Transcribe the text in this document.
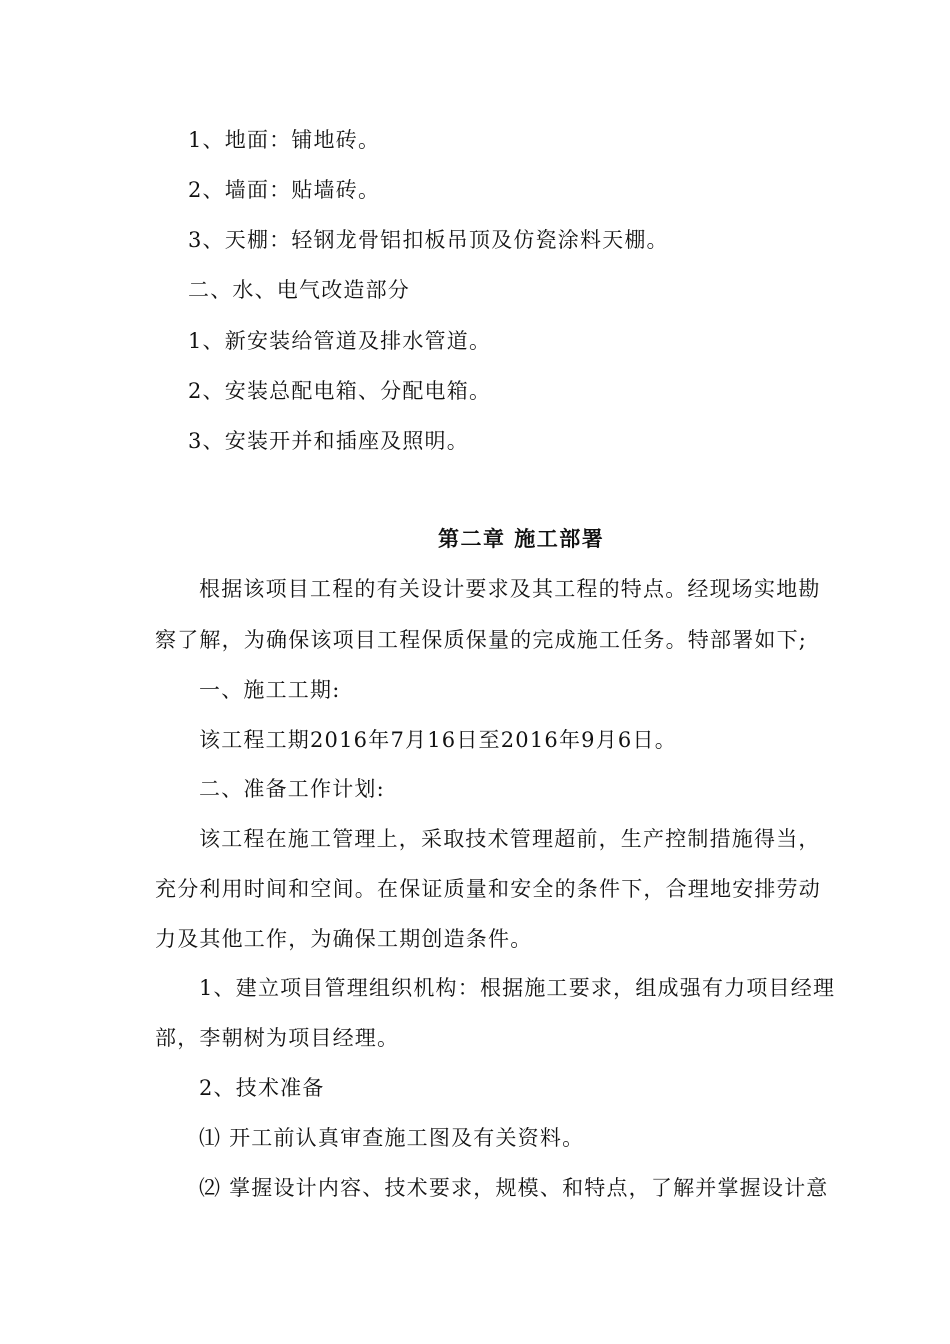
1、地面：铺地砖。
2、墙面：贴墙砖。
3、天棚：轻钢龙骨铝扣板吊顶及仿瓷涂料天棚。
二、水、电气改造部分
1、新安装给管道及排水管道。
2、安装总配电箱、分配电箱。
3、安装开并和插座及照明。
第二章 施工部署
根据该项目工程的有关设计要求及其工程的特点。经现场实地勘
察了解，为确保该项目工程保质保量的完成施工任务。特部署如下;
一、施工工期:
该工程工期2016年7月16日至2016年9月6日。
二、准备工作计划:
该工程在施工管理上，采取技术管理超前，生产控制措施得当，
充分利用时间和空间。在保证质量和安全的条件下，合理地安排劳动
力及其他工作，为确保工期创造条件。
1、建立项目管理组织机构：根据施工要求，组成强有力项目经理
部，李朝树为项目经理。
2、技术准备
⑴ 开工前认真审查施工图及有关资料。
⑵ 掌握设计内容、技术要求，规模、和特点，了解并掌握设计意
